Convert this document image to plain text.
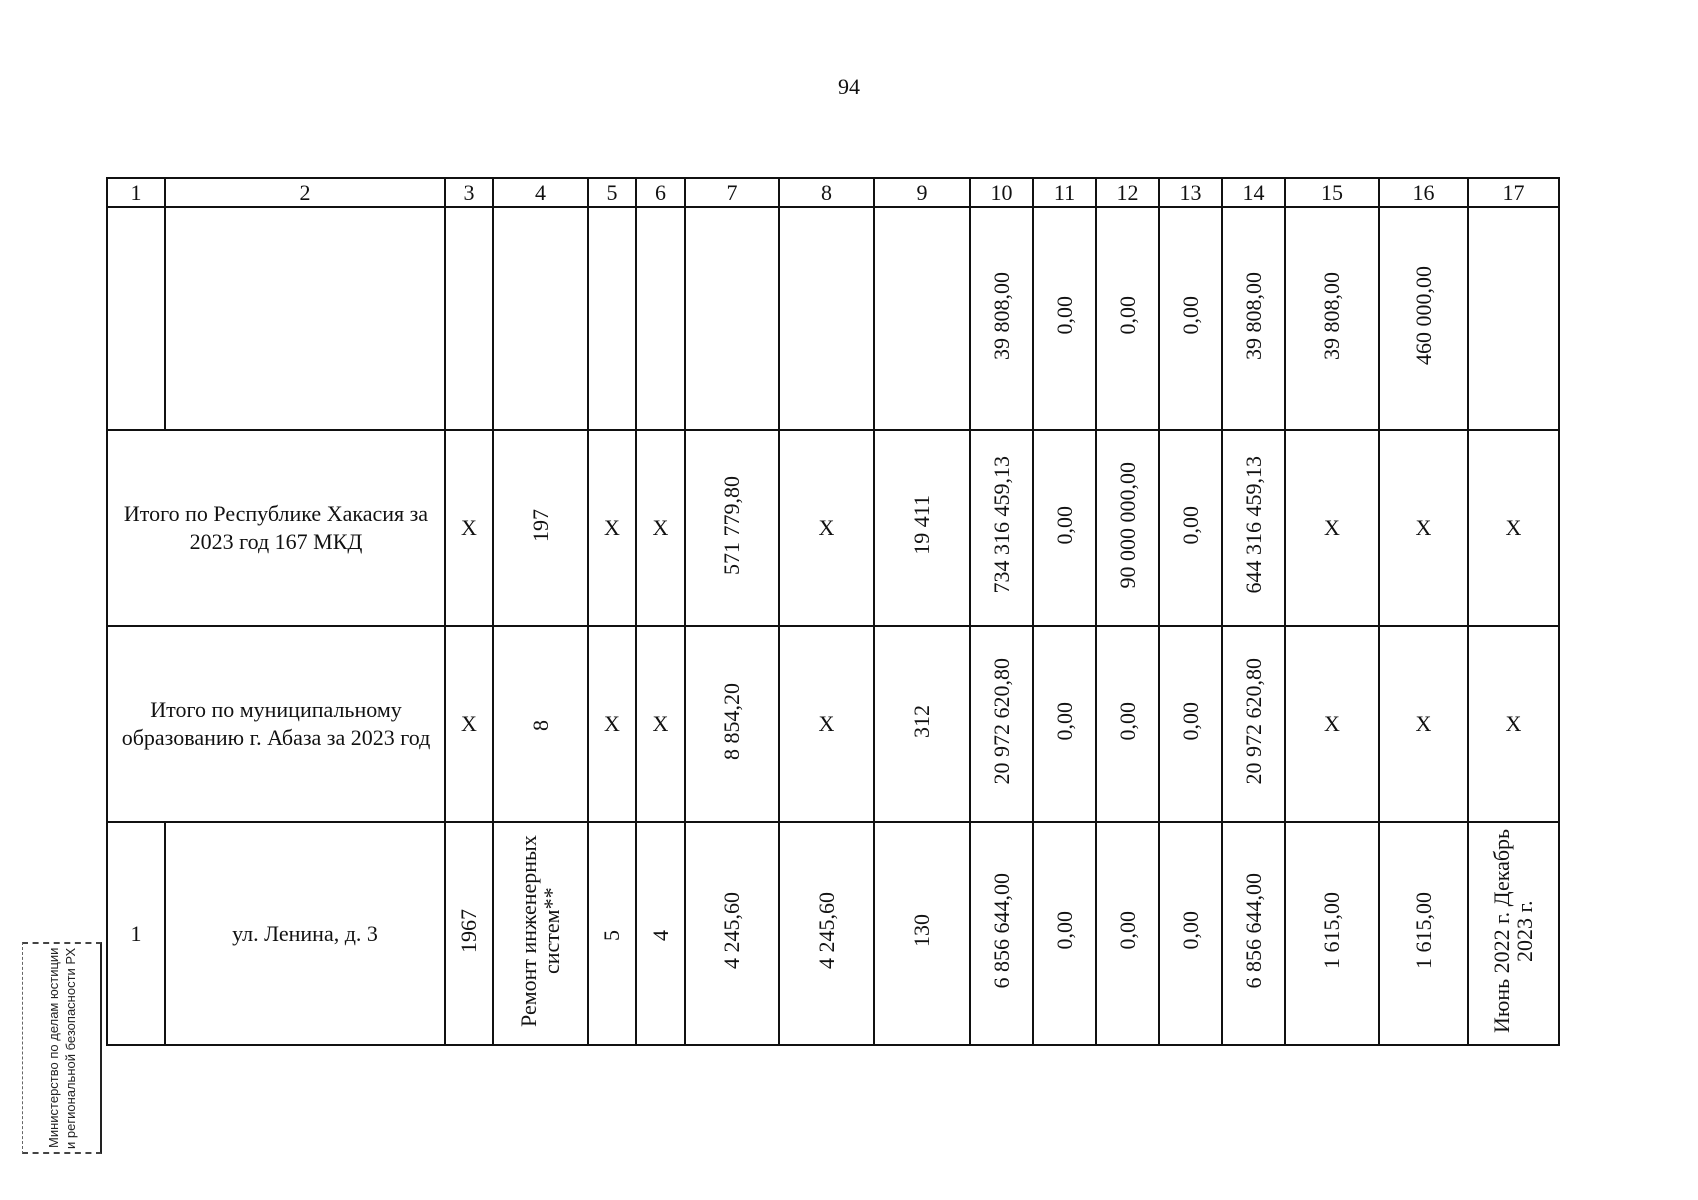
94
1	2	3	4	5	6	7	8	9	10	11	12	13	14	15	16	17
									39 808,00	0,00	0,00	0,00	39 808,00	39 808,00	460 000,00	
Итого по Республике Хакасия за 2023 год 167 МКД		Х	197	Х	Х	571 779,80	Х	19 411	734 316 459,13	0,00	90 000 000,00	0,00	644 316 459,13	Х	Х	Х
Итого по муниципальному образованию г. Абаза за 2023 год		Х	8	Х	Х	8 854,20	Х	312	20 972 620,80	0,00	0,00	0,00	20 972 620,80	Х	Х	Х
1	ул. Ленина, д. 3	1967	Ремонт инженерных систем**	5	4	4 245,60	4 245,60	130	6 856 644,00	0,00	0,00	0,00	6 856 644,00	1 615,00	1 615,00	Июнь 2022 г. Декабрь 2023 г.
Министерство по делам юстиции и региональной безопасности РХ
